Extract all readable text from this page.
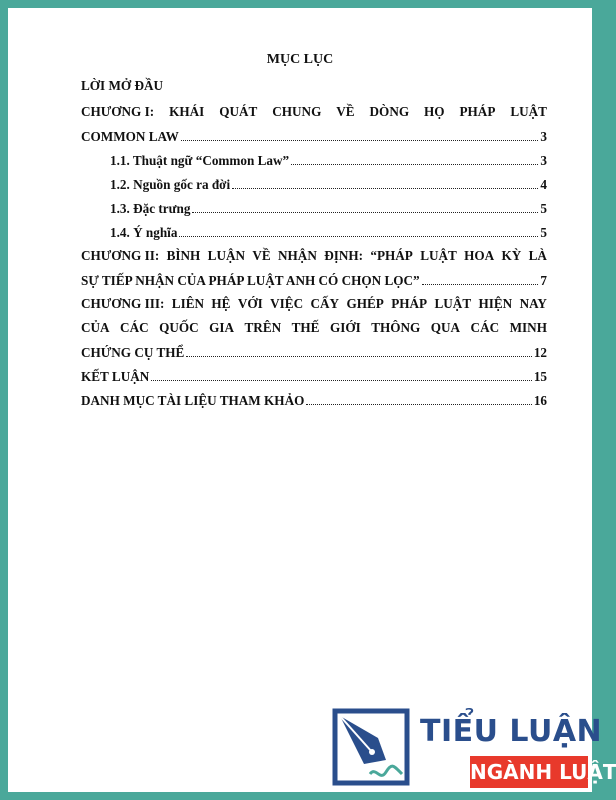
MỤC LỤC
LỜI MỞ ĐẦU
CHƯƠNG I: KHÁI QUÁT CHUNG VỀ DÒNG HỌ PHÁP LUẬT
COMMON LAW	3
1.1. Thuật ngữ “Common Law”	3
1.2. Nguồn gốc ra đời	4
1.3. Đặc trưng	5
1.4. Ý nghĩa	5
CHƯƠNG II: BÌNH LUẬN VỀ NHẬN ĐỊNH: “PHÁP LUẬT HOA KỲ LÀ
SỰ TIẾP NHẬN CỦA PHÁP LUẬT ANH CÓ CHỌN LỌC”	7
CHƯƠNG III: LIÊN HỆ VỚI VIỆC CẤY GHÉP PHÁP LUẬT HIỆN NAY
CỦA CÁC QUỐC GIA TRÊN THẾ GIỚI THÔNG QUA CÁC MINH
CHỨNG CỤ THỂ	12
KẾT LUẬN	15
DANH MỤC TÀI LIỆU THAM KHẢO	16
TIỂU LUẬN
NGÀNH LUẬT
